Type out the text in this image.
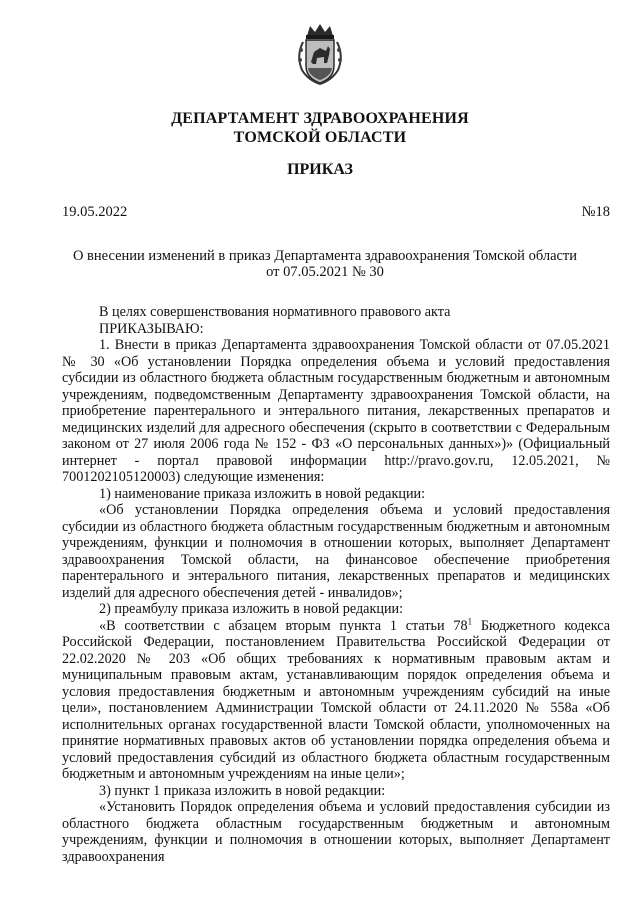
ДЕПАРТАМЕНТ ЗДРАВООХРАНЕНИЯ
ТОМСКОЙ ОБЛАСТИ
ПРИКАЗ
19.05.2022	№18
О внесении изменений в приказ Департамента здравоохранения Томской области
от 07.05.2021 № 30

В целях совершенствования нормативного правового акта

ПРИКАЗЫВАЮ:

1. Внести в приказ Департамента здравоохранения Томской области от 07.05.2021 № 30 «Об установлении Порядка определения объема и условий предоставления субсидии из областного бюджета областным государственным бюджетным и автономным учреждениям, подведомственным Департаменту здравоохранения Томской области, на приобретение парентерального и энтерального питания, лекарственных препаратов и медицинских изделий для адресного обеспечения (скрыто в соответствии с Федеральным законом от 27 июля 2006 года № 152 - ФЗ «О персональных данных»)» (Официальный интернет - портал правовой информации http://pravo.gov.ru, 12.05.2021, № 7001202105120003) следующие изменения:

1) наименование приказа изложить в новой редакции:

«Об установлении Порядка определения объема и условий предоставления субсидии из областного бюджета областным государственным бюджетным и автономным учреждениям, функции и полномочия в отношении которых, выполняет Департамент здравоохранения Томской области, на финансовое обеспечение приобретения парентерального и энтерального питания, лекарственных препаратов и медицинских изделий для адресного обеспечения детей - инвалидов»;

2) преамбулу приказа изложить в новой редакции:

«В соответствии с абзацем вторым пункта 1 статьи $78^1$ Бюджетного кодекса Российской Федерации, постановлением Правительства Российской Федерации от 22.02.2020 № 203 «Об общих требованиях к нормативным правовым актам и муниципальным правовым актам, устанавливающим порядок определения объема и условия предоставления бюджетным и автономным учреждениям субсидий на иные цели», постановлением Администрации Томской области от 24.11.2020 № 558а «Об исполнительных органах государственной власти Томской области, уполномоченных на принятие нормативных правовых актов об установлении порядка определения объема и условий предоставления субсидий из областного бюджета областным государственным бюджетным и автономным учреждениям на иные цели»;

3) пункт 1 приказа изложить в новой редакции:

«Установить Порядок определения объема и условий предоставления субсидии из областного бюджета областным государственным бюджетным и автономным учреждениям, функции и полномочия в отношении которых, выполняет Департамент здравоохранения
